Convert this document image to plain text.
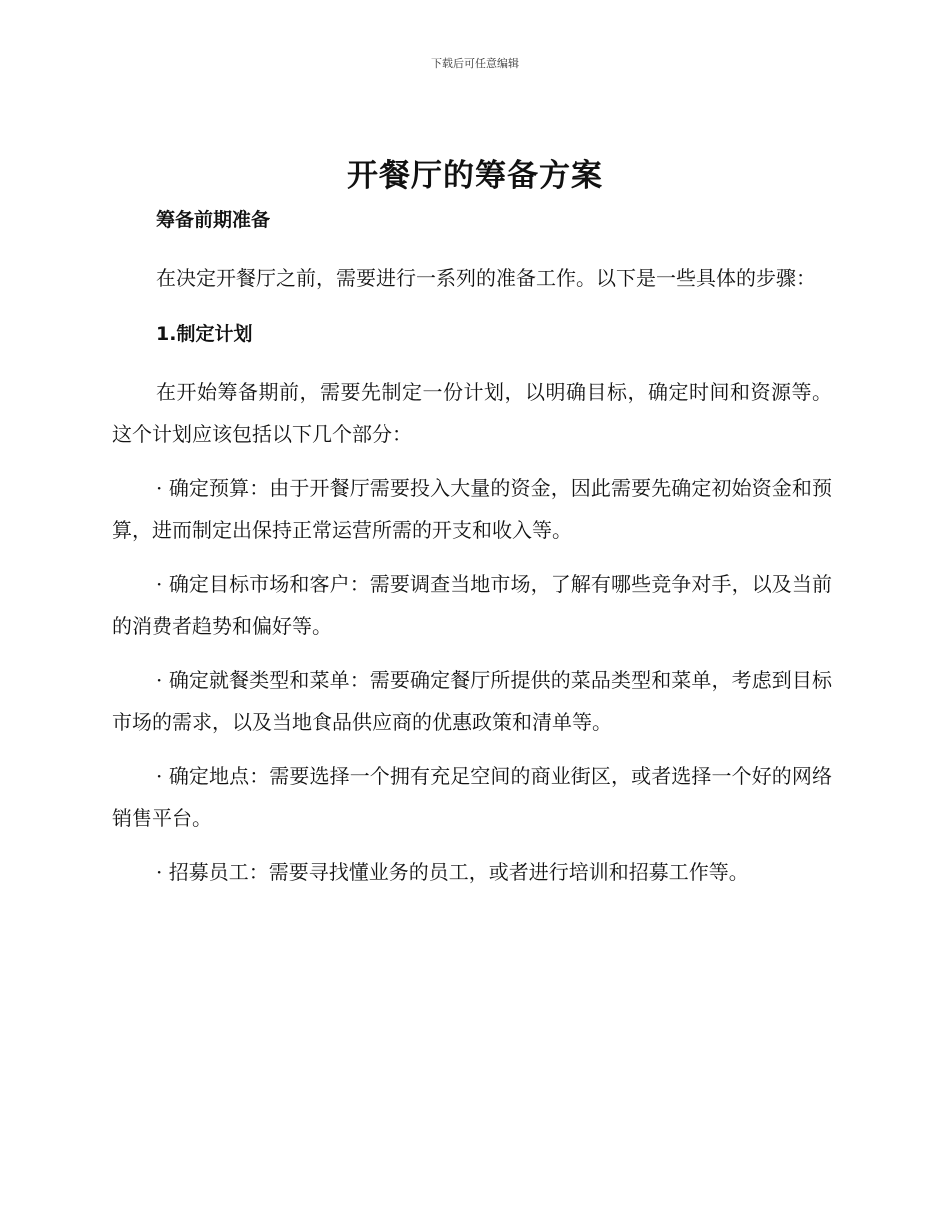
下载后可任意编辑
开餐厅的筹备方案

筹备前期准备

在决定开餐厅之前，需要进行一系列的准备工作。以下是一些具体的步骤：

1.制定计划

在开始筹备期前，需要先制定一份计划，以明确目标，确定时间和资源等。这个计划应该包括以下几个部分：

· 确定预算：由于开餐厅需要投入大量的资金，因此需要先确定初始资金和预算，进而制定出保持正常运营所需的开支和收入等。

· 确定目标市场和客户：需要调查当地市场，了解有哪些竞争对手，以及当前的消费者趋势和偏好等。

· 确定就餐类型和菜单：需要确定餐厅所提供的菜品类型和菜单，考虑到目标市场的需求，以及当地食品供应商的优惠政策和清单等。

· 确定地点：需要选择一个拥有充足空间的商业街区，或者选择一个好的网络销售平台。

· 招募员工：需要寻找懂业务的员工，或者进行培训和招募工作等。
